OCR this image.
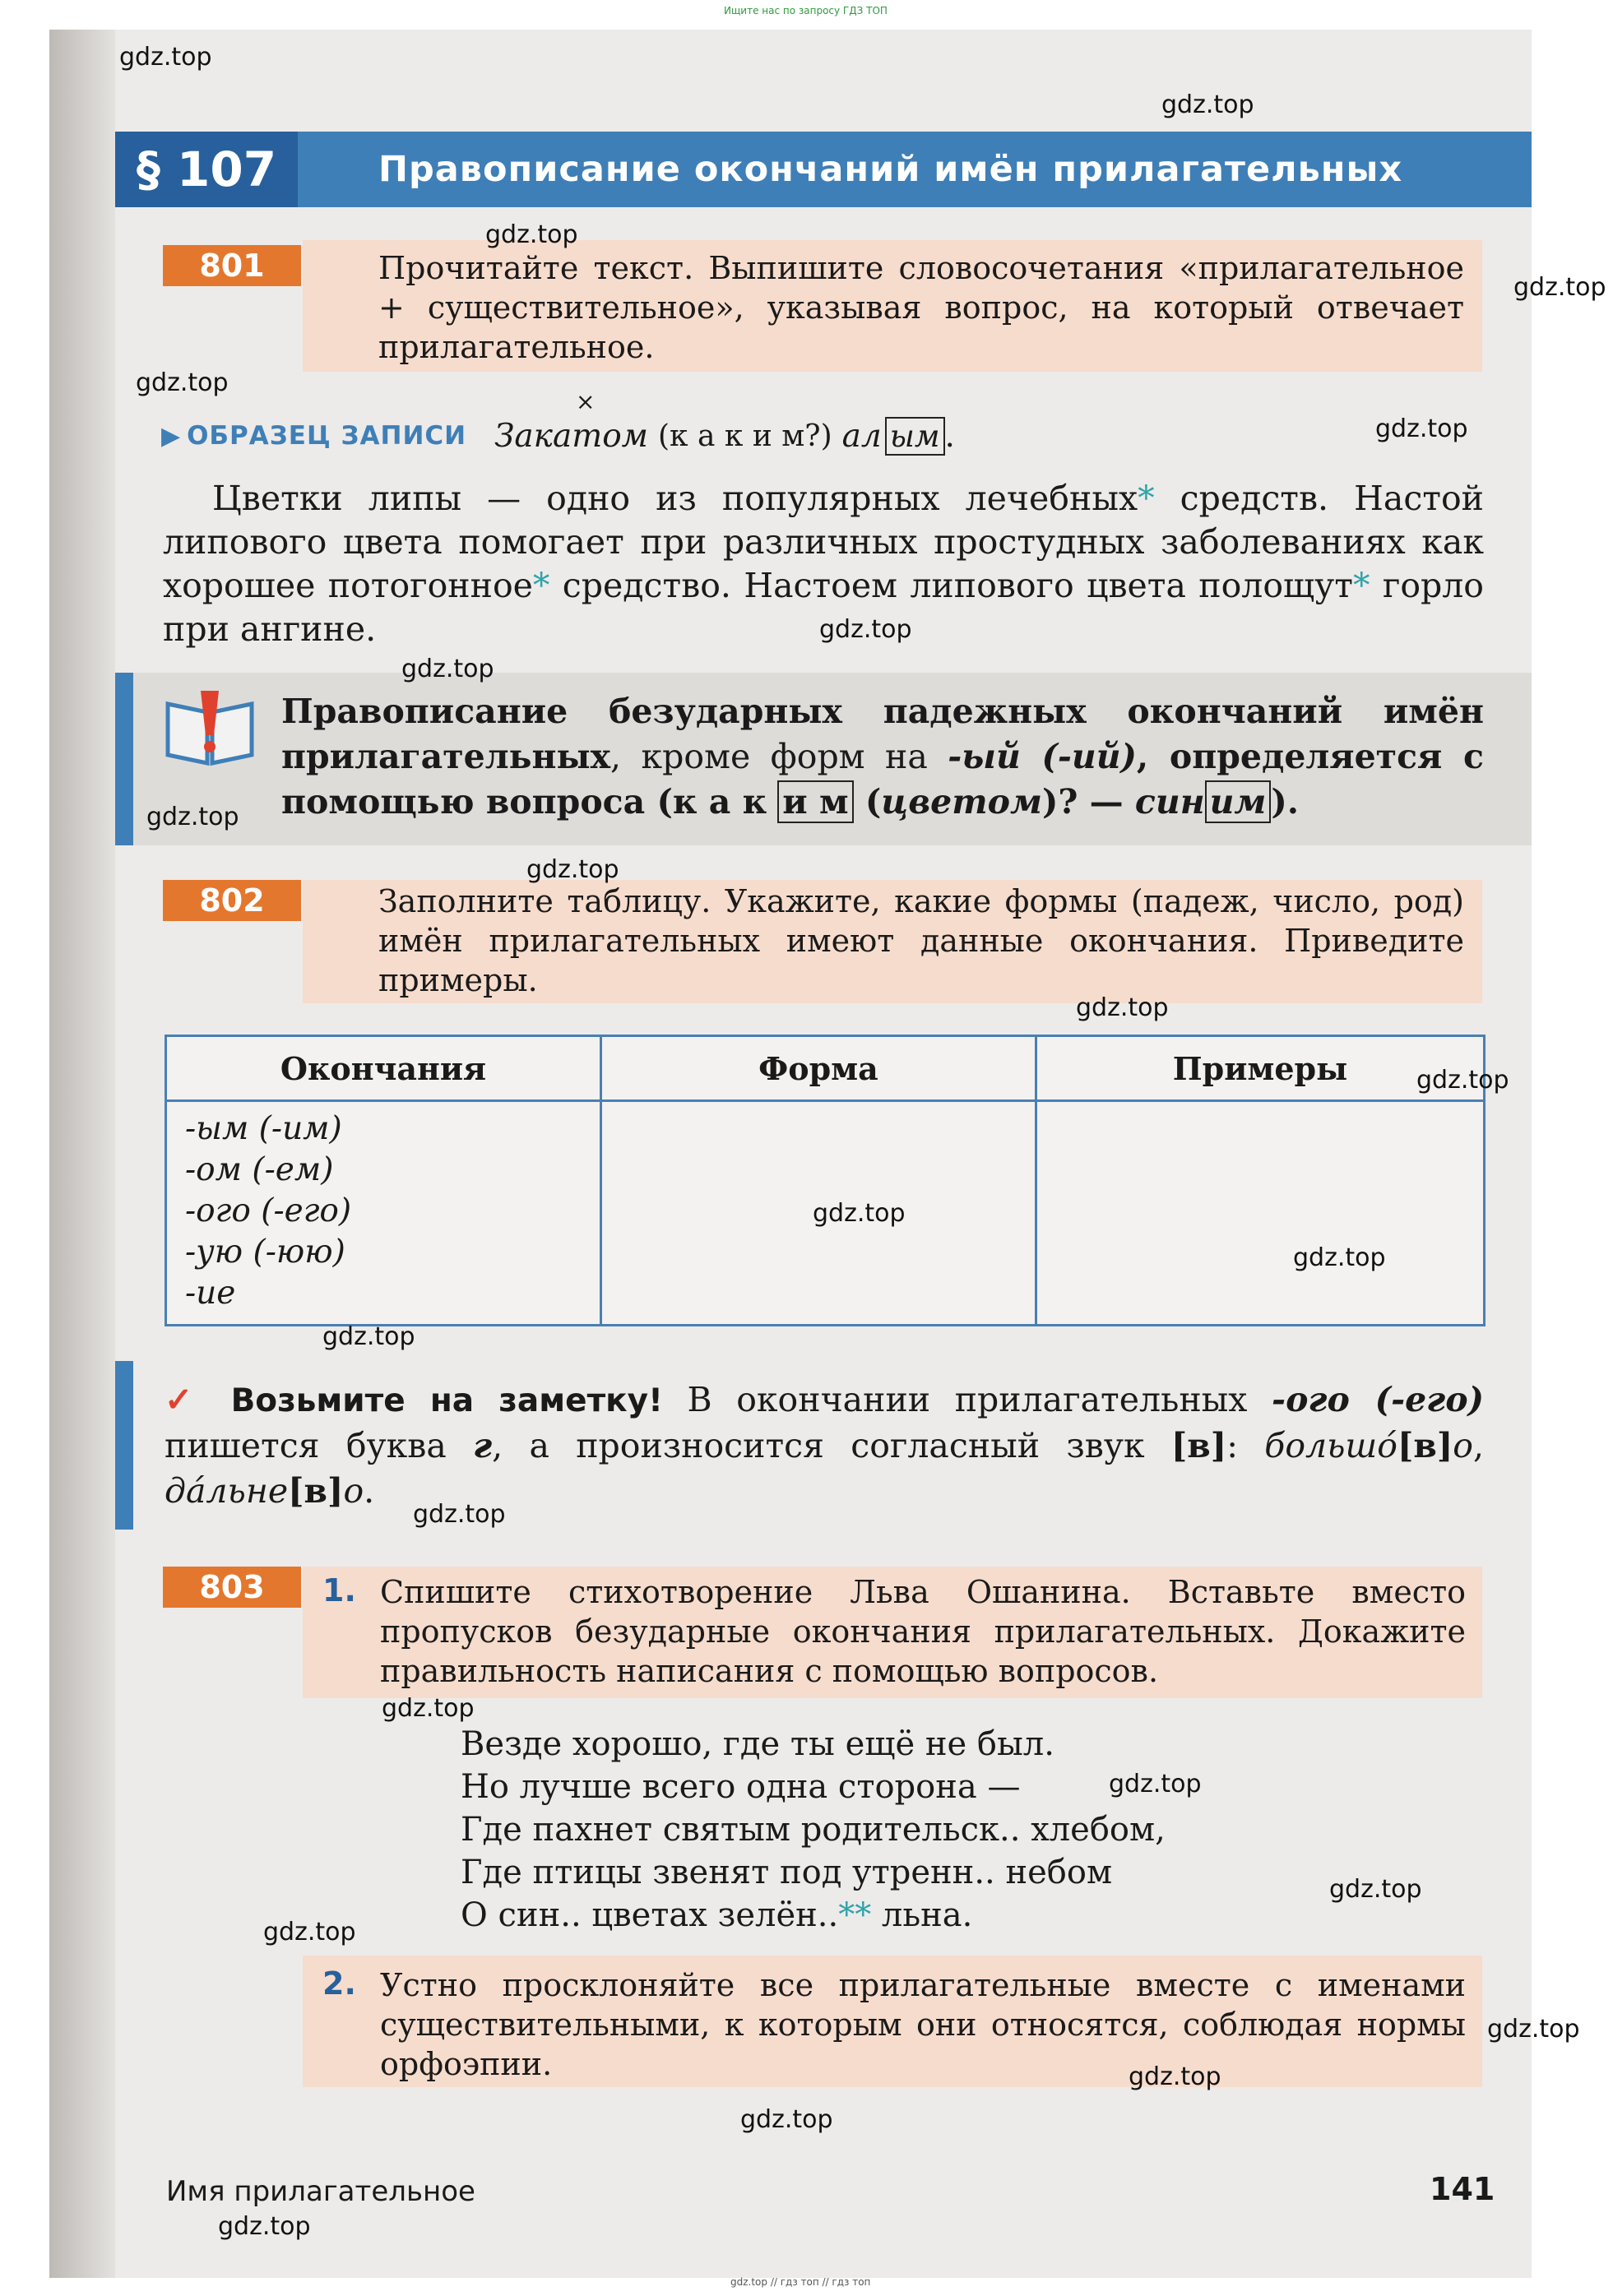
Ищите нас по запросу ГДЗ ТОП
§ 107	Правописание окончаний имён прилагательных
801	Прочитайте текст. Выпишите словосочетания «прилагательное + существительное», указывая вопрос, на который отвечает прилагательное.
×
▶ ОБРАЗЕЦ ЗАПИСИ Закатом (к а к и м?) ал ым .
Цветки липы — одно из популярных лечебных* средств. Настой липового цвета помогает при различных простудных заболеваниях как хорошее потогонное* средство. Настоем липового цвета полощут* горло при ангине.
Правописание безударных падежных окончаний имён прилагательных, кроме форм на -ый (-ий), определяется с помощью вопроса (к а к и м (цветом)? — син им ).
802	Заполните таблицу. Укажите, какие формы (падеж, число, род) имён прилагательных имеют данные окончания. Приведите примеры.
Окончания	Форма	Примеры

-ым (-им)
-ом (-ем)
-ого (-его)
-ую (-юю)
-ие		

✓ Возьмите на заметку! В окончании прилагательных -ого (-его) пишется буква г, а произносится согласный звук [в]: большó[в]о, дáльне[в]о.
803	1. Спишите стихотворение Льва Ошанина. Вставьте вместо пропусков безударные окончания прилагательных. Докажите правильность написания с помощью вопросов.
Везде хорошо, где ты ещё не был.
Но лучше всего одна сторона —
Где пахнет святым родительск.. хлебом,
Где птицы звенят под утренн.. небом
О син.. цветах зелён..** льна.
2. Устно просклоняйте все прилагательные вместе с именами существительными, к которым они относятся, соблюдая нормы орфоэпии.
Имя прилагательное	141
gdz.top
gdz.top
gdz.top
gdz.top
gdz.top
gdz.top
gdz.top
gdz.top
gdz.top
gdz.top
gdz.top
gdz.top
gdz.top
gdz.top
gdz.top
gdz.top
gdz.top
gdz.top
gdz.top
gdz.top
gdz.top
gdz.top
gdz.top
gdz.top
gdz.top // гдз топ // гдз топ
